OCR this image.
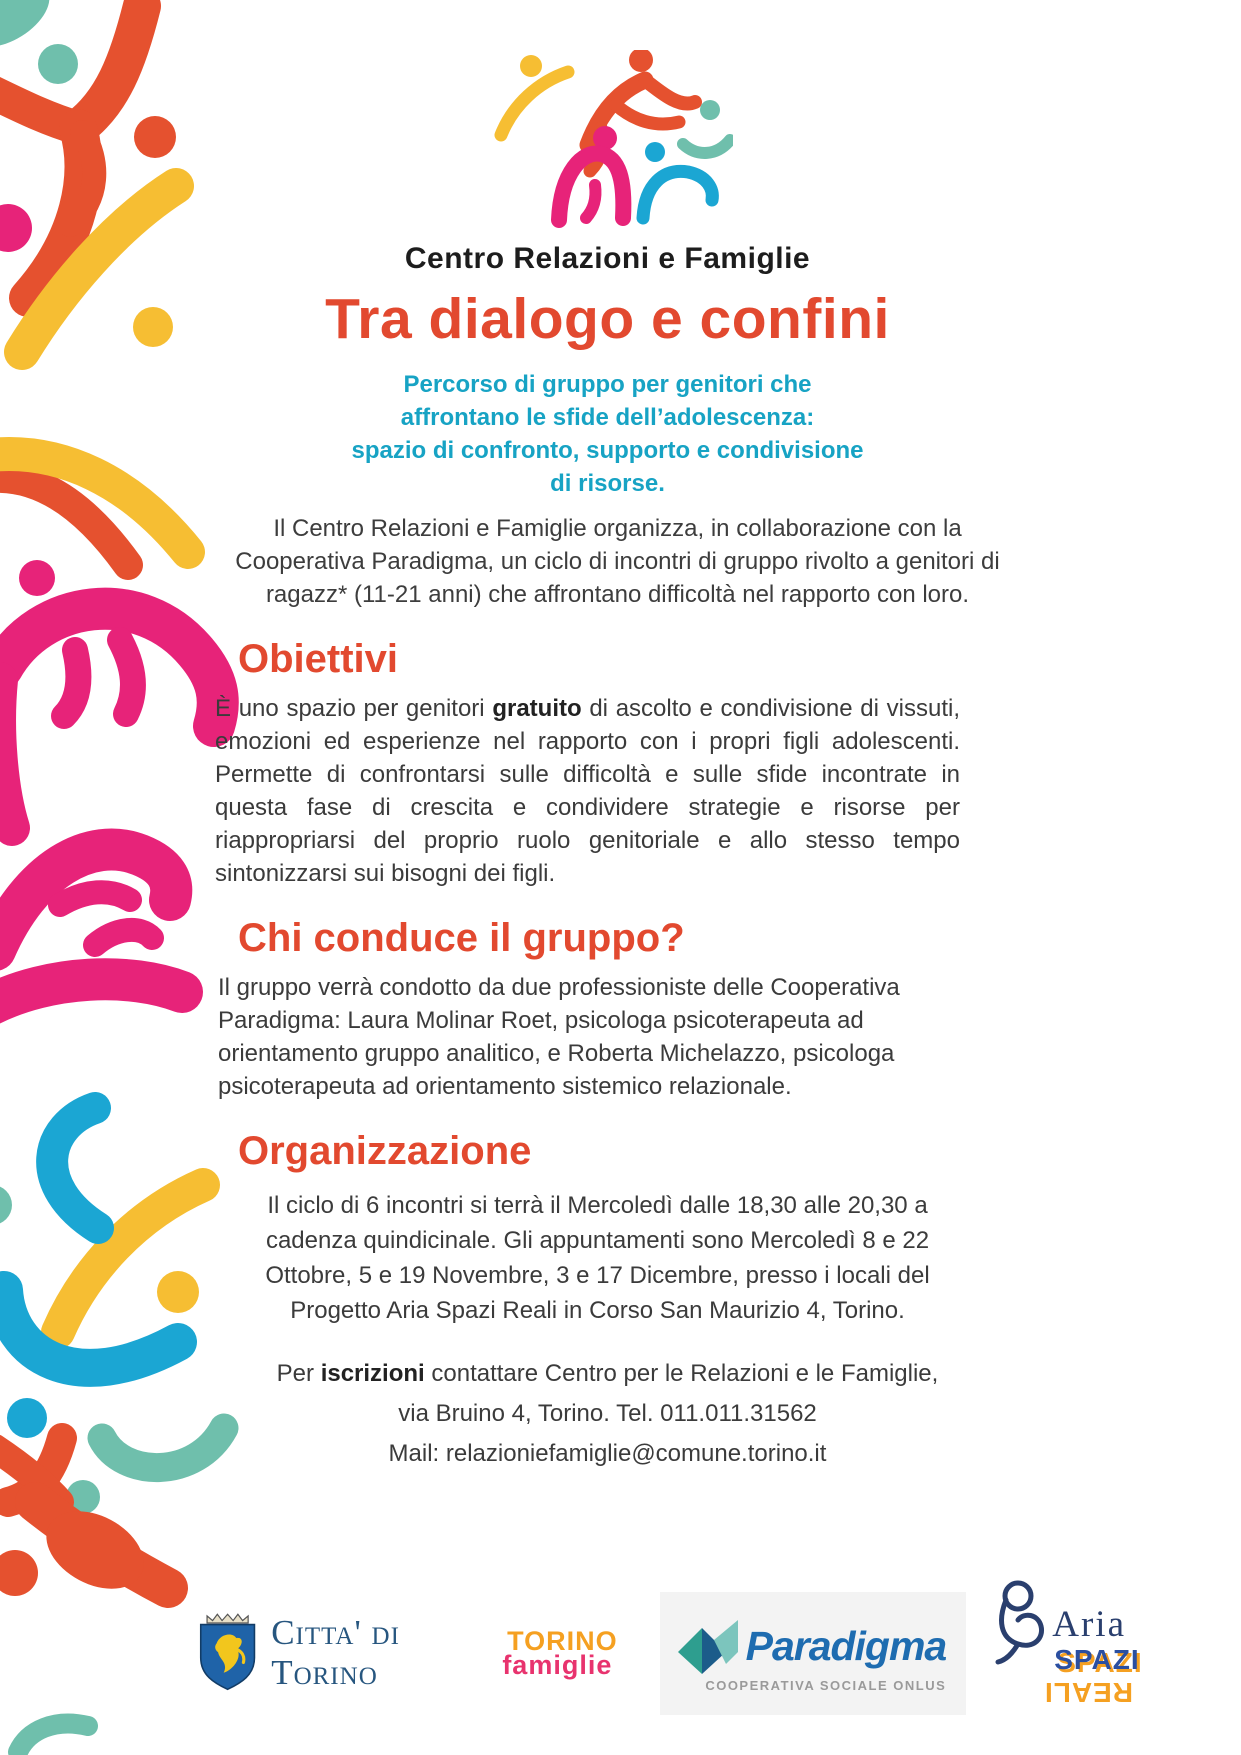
Centro Relazioni e Famiglie
Tra dialogo e confini
Percorso di gruppo per genitori che
affrontano le sfide dell’adolescenza:
spazio di confronto, supporto e condivisione
di risorse.

Il Centro Relazioni e Famiglie organizza, in collaborazione con la Cooperativa Paradigma, un ciclo di incontri di gruppo rivolto a genitori di ragazz* (11-21 anni) che affrontano difficoltà nel rapporto con loro.

Obiettivi

È uno spazio per genitori gratuito di ascolto e condivisione di vissuti, emozioni ed esperienze nel rapporto con i propri figli adolescenti. Permette di confrontarsi sulle difficoltà e sulle sfide incontrate in questa fase di crescita e condividere strategie e risorse per riappropriarsi del proprio ruolo genitoriale e allo stesso tempo sintonizzarsi sui bisogni dei figli.

Chi conduce il gruppo?

Il gruppo verrà condotto da due professioniste delle Cooperativa Paradigma: Laura Molinar Roet, psicologa psicoterapeuta ad orientamento gruppo analitico, e Roberta Michelazzo, psicologa psicoterapeuta ad orientamento sistemico relazionale.

Organizzazione

Il ciclo di 6 incontri si terrà il Mercoledì dalle 18,30 alle 20,30 a cadenza quindicinale. Gli appuntamenti sono Mercoledì 8 e 22 Ottobre, 5 e 19 Novembre, 3 e 17 Dicembre, presso i locali del Progetto Aria Spazi Reali in Corso San Maurizio 4, Torino.

Per iscrizioni contattare Centro per le Relazioni e le Famiglie,
via Bruino 4, Torino. Tel. 011.011.31562
Mail: relazioniefamiglie@comune.torino.it
Citta' di Torino
TORINO
famiglie	Paradigma
COOPERATIVA SOCIALE ONLUS
Aria
SPAZI
REALI
